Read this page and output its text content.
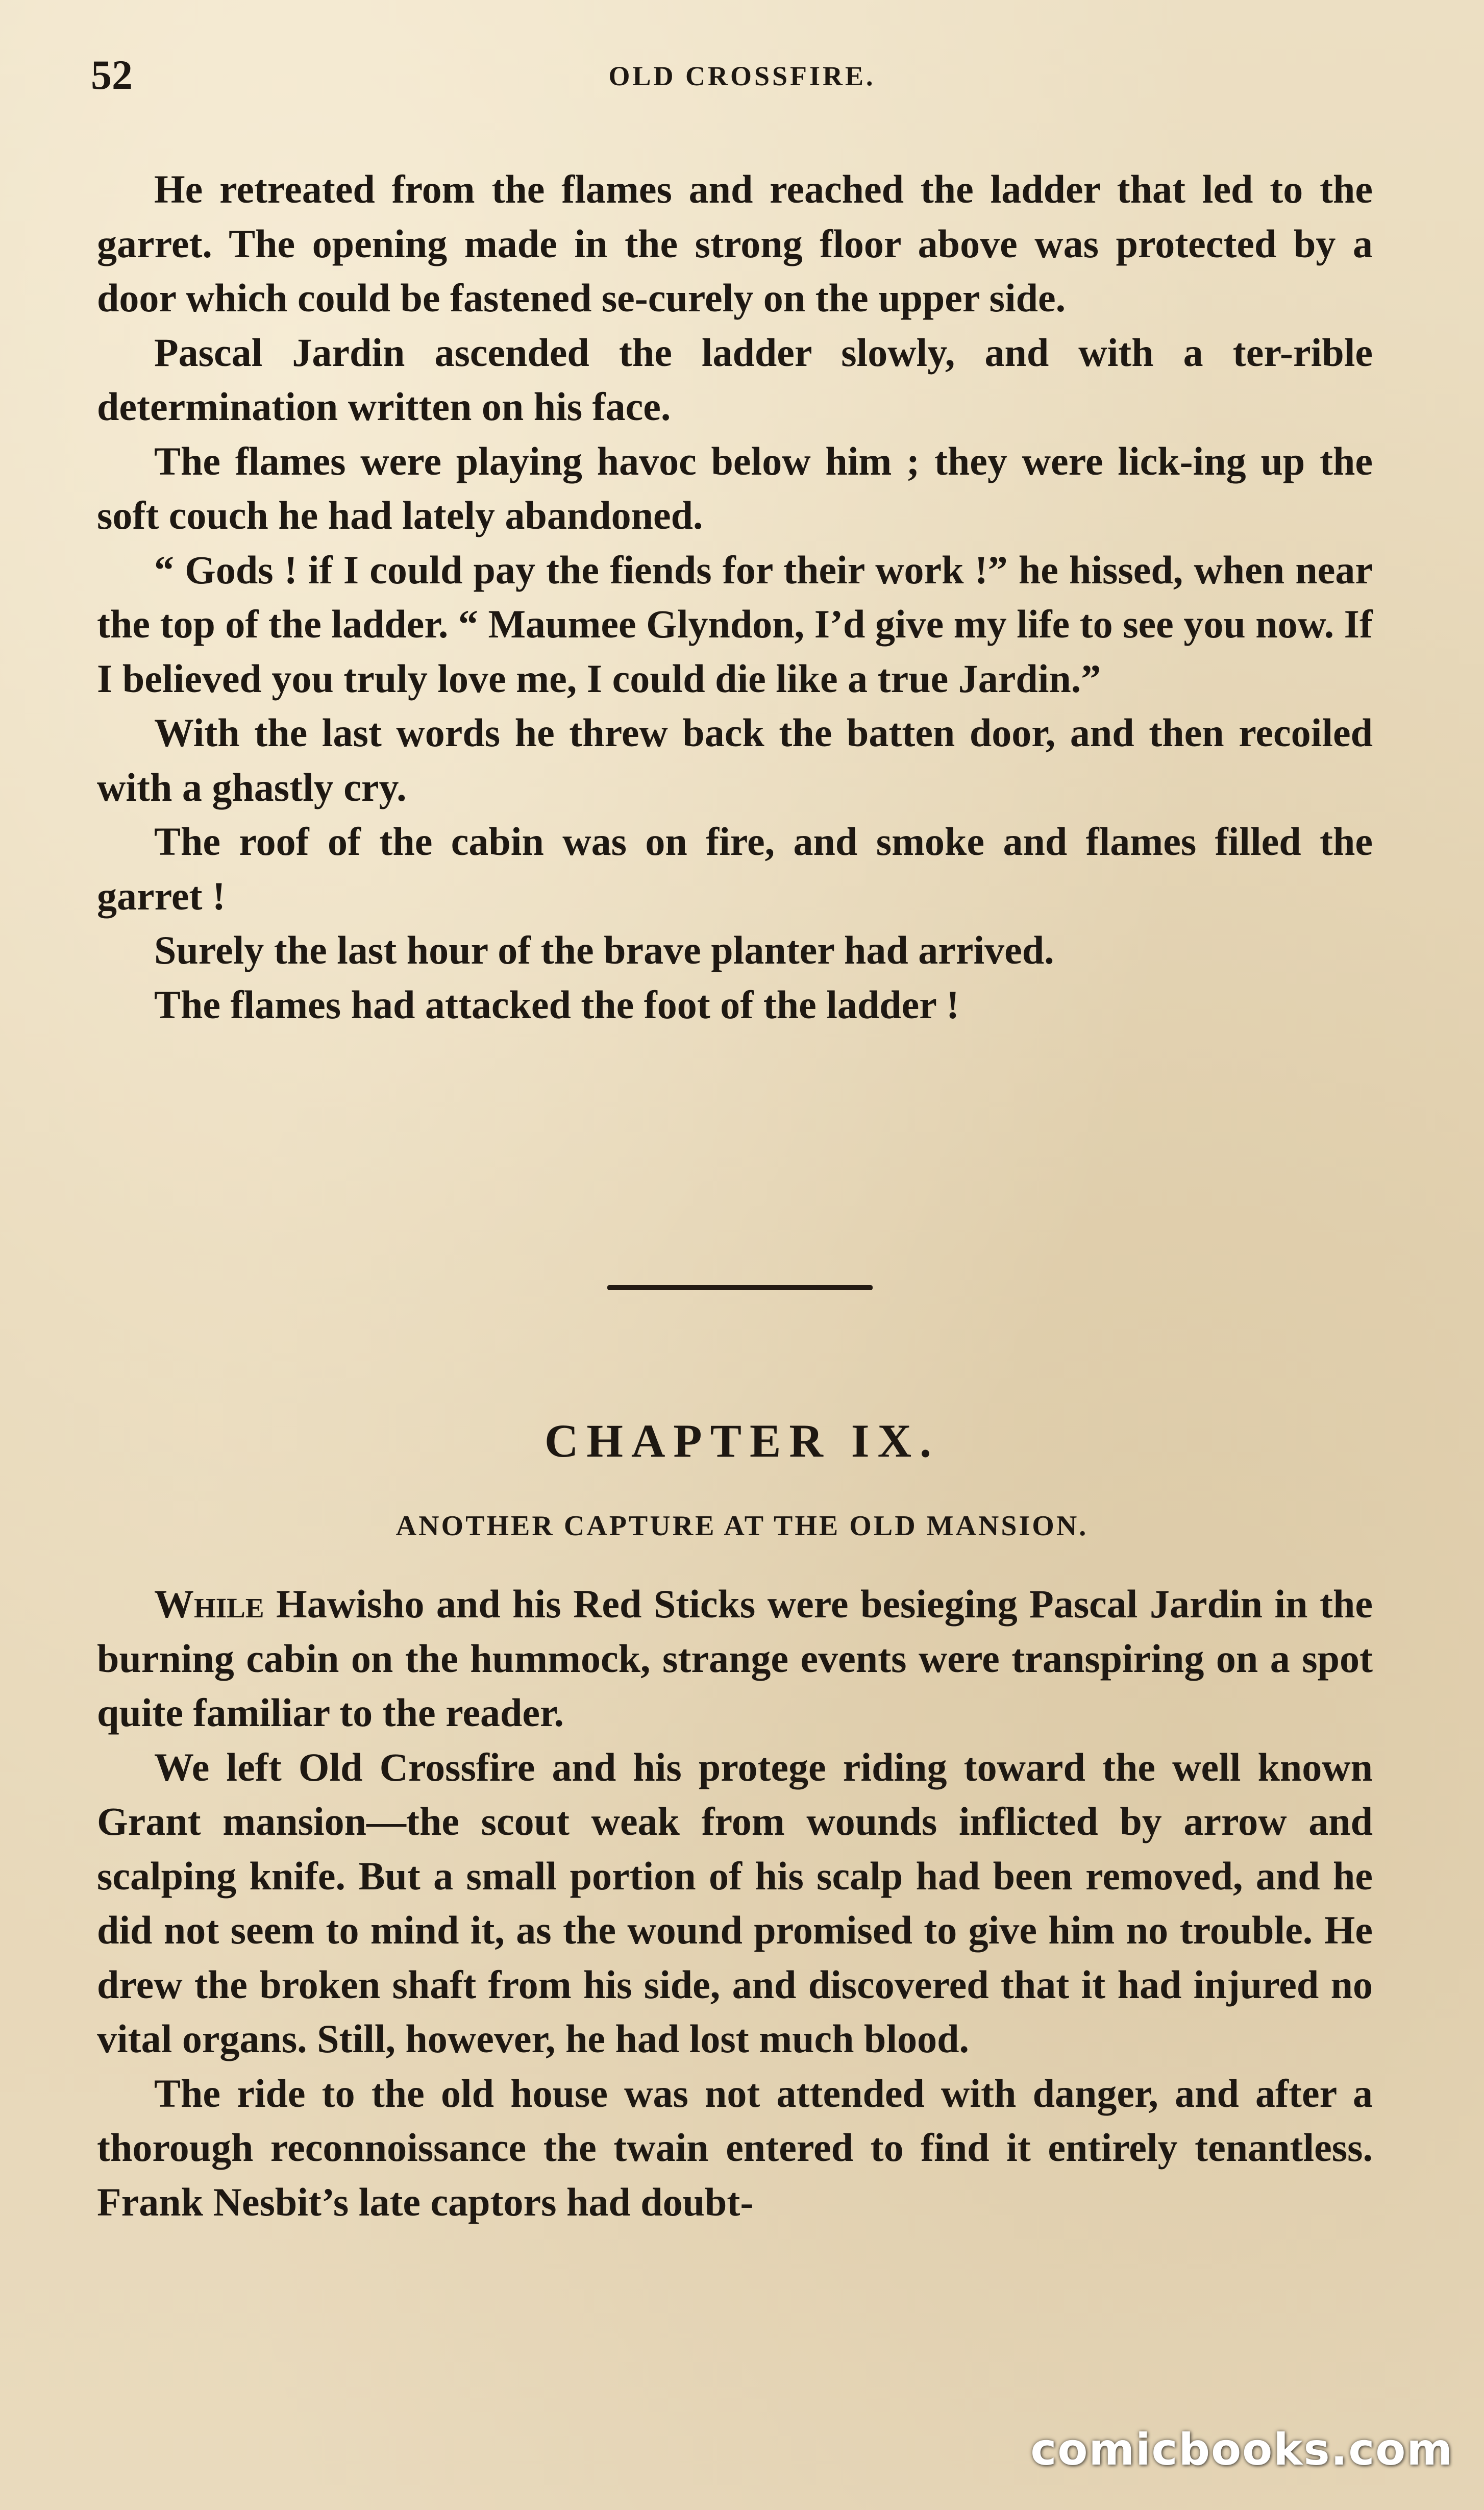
52	OLD CROSSFIRE.

He retreated from the flames and reached the ladder that led to the garret. The opening made in the strong floor above was protected by a door which could be fastened se-curely on the upper side.

Pascal Jardin ascended the ladder slowly, and with a ter-rible determination written on his face.

The flames were playing havoc below him ; they were lick-ing up the soft couch he had lately abandoned.

“ Gods ! if I could pay the fiends for their work !” he hissed, when near the top of the ladder. “ Maumee Glyndon, I’d give my life to see you now. If I believed you truly love me, I could die like a true Jardin.”

With the last words he threw back the batten door, and then recoiled with a ghastly cry.

The roof of the cabin was on fire, and smoke and flames filled the garret !

Surely the last hour of the brave planter had arrived.

The flames had attacked the foot of the ladder !

CHAPTER IX.
ANOTHER CAPTURE AT THE OLD MANSION.

While Hawisho and his Red Sticks were besieging Pascal Jardin in the burning cabin on the hummock, strange events were transpiring on a spot quite familiar to the reader.

We left Old Crossfire and his protege riding toward the well known Grant mansion—the scout weak from wounds inflicted by arrow and scalping knife. But a small portion of his scalp had been removed, and he did not seem to mind it, as the wound promised to give him no trouble. He drew the broken shaft from his side, and discovered that it had injured no vital organs. Still, however, he had lost much blood.

The ride to the old house was not attended with danger, and after a thorough reconnoissance the twain entered to find it entirely tenantless. Frank Nesbit’s late captors had doubt-

comicbooks.com
